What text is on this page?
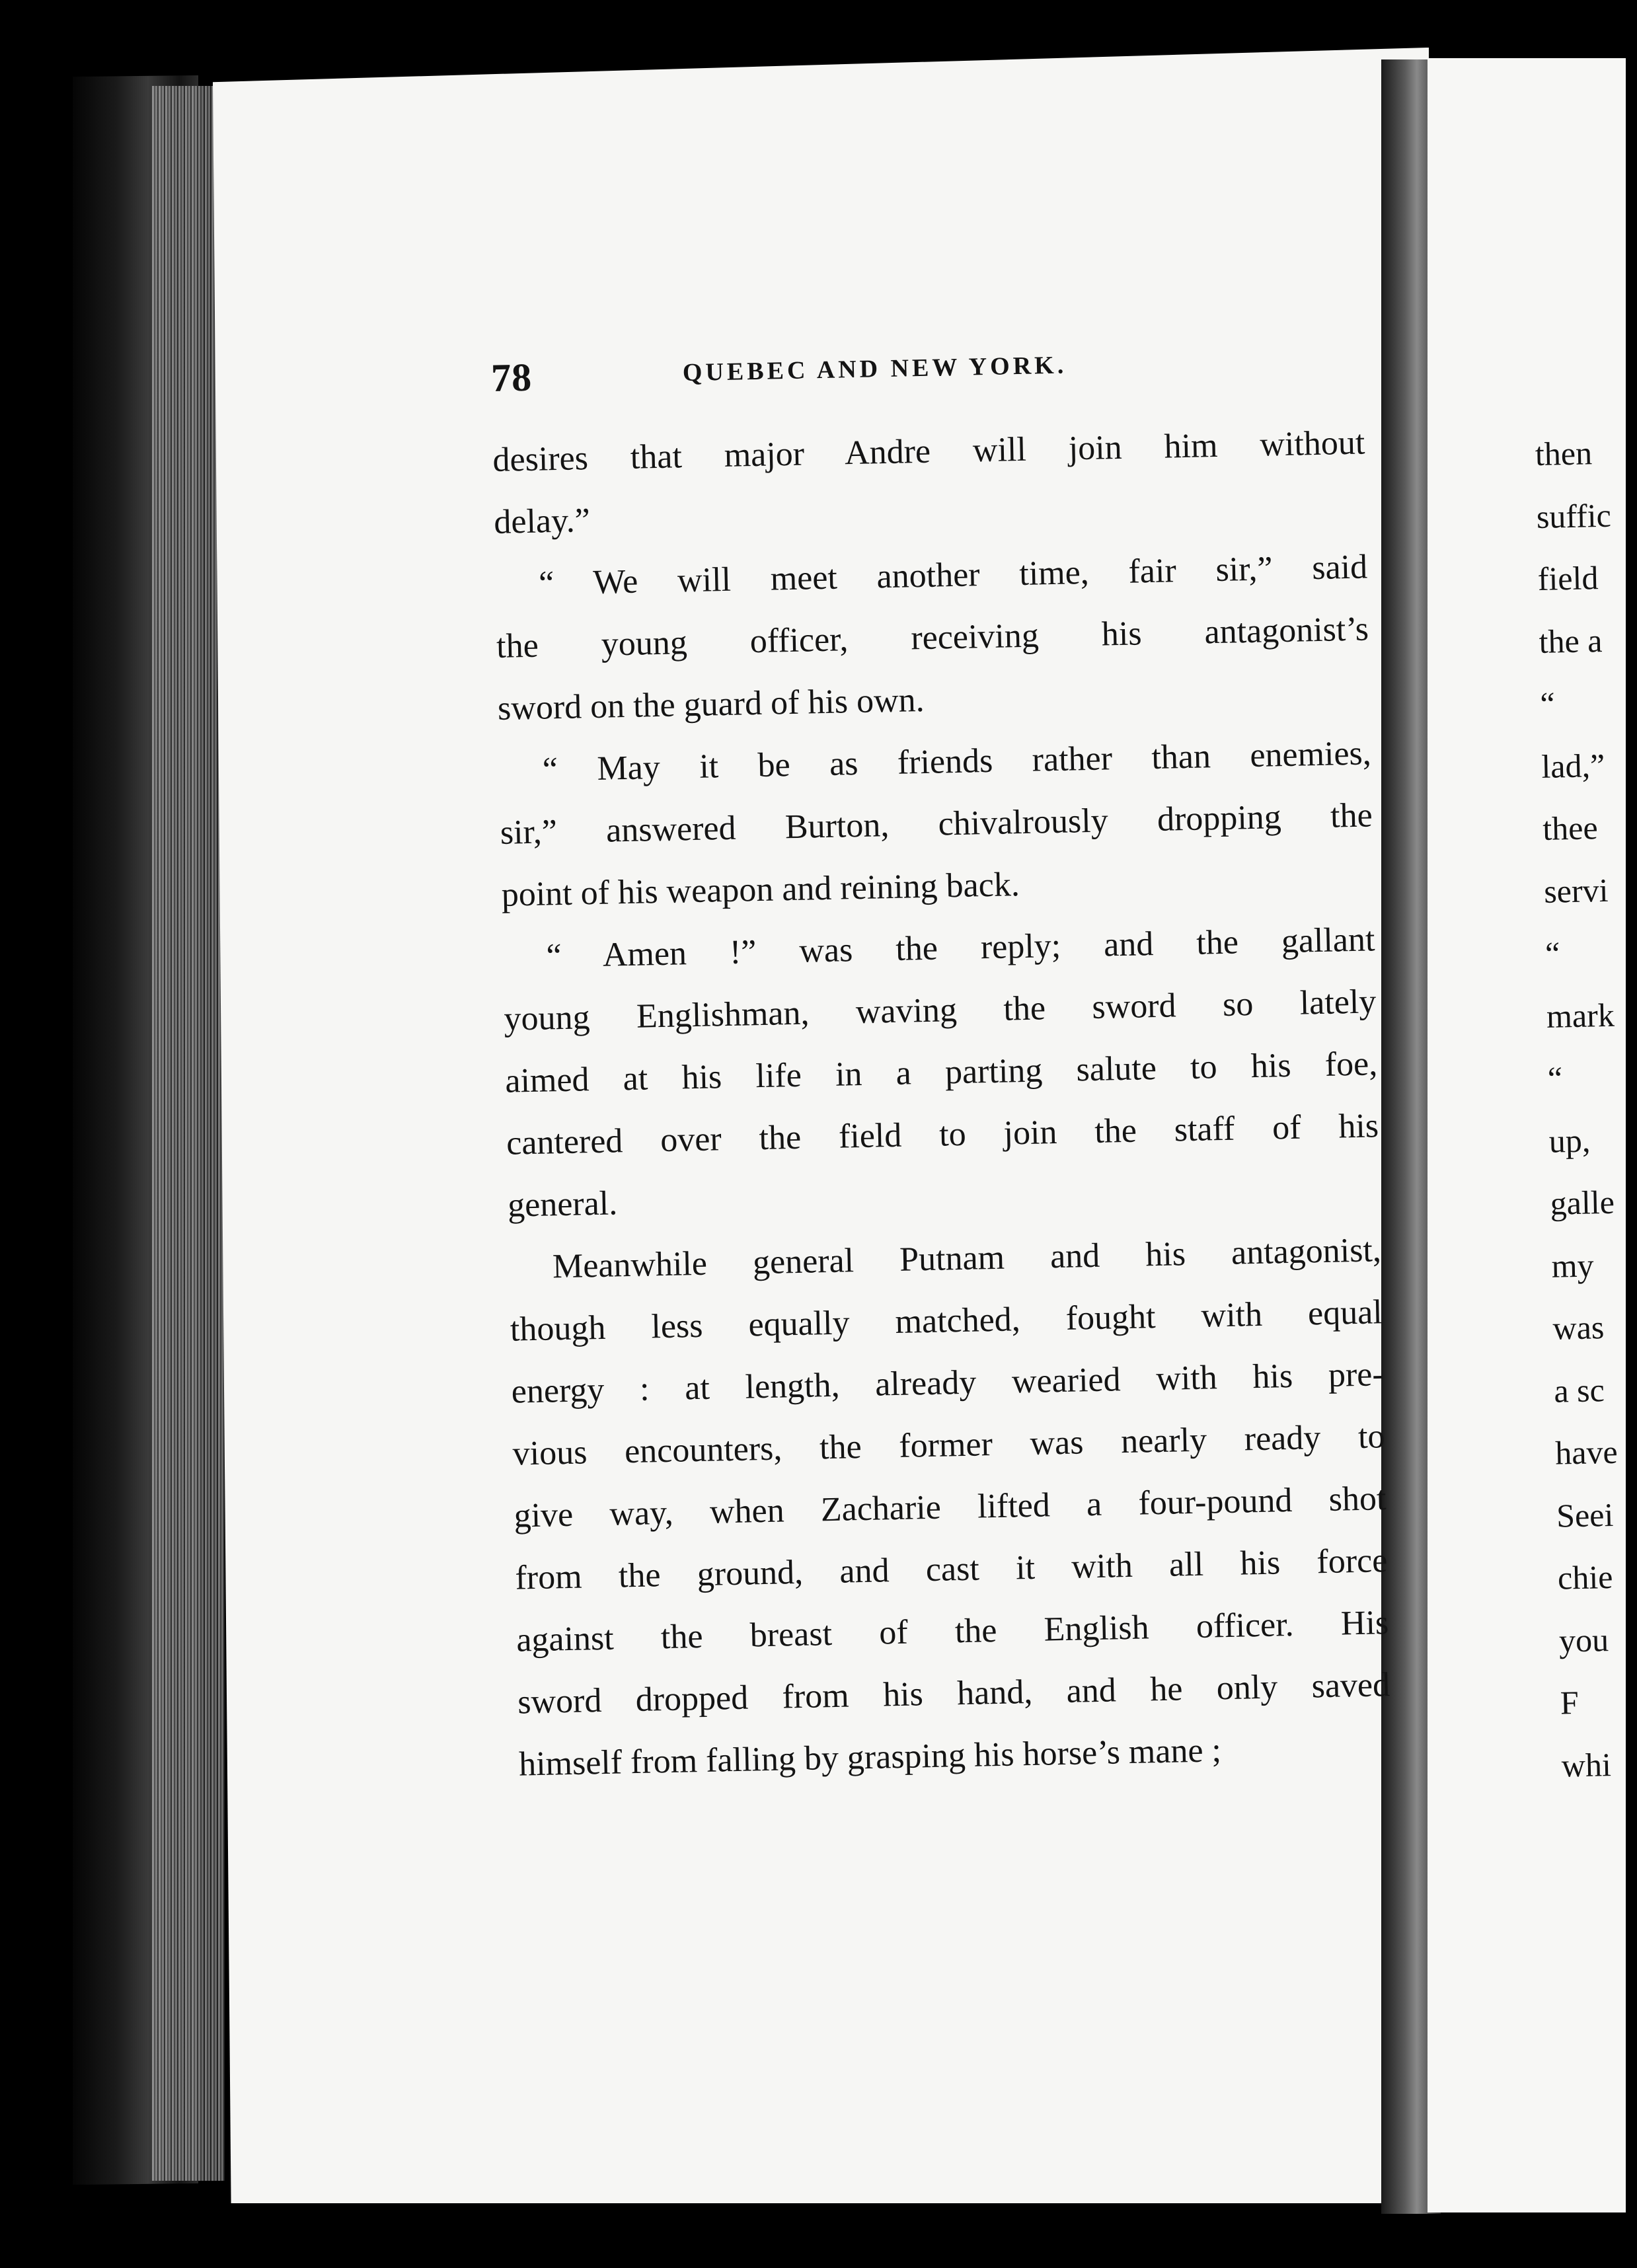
78	QUEBEC AND NEW YORK.

desires that major Andre will join him without

delay.”

“ We will meet another time, fair sir,” said

the young officer, receiving his antagonist’s

sword on the guard of his own.

“ May it be as friends rather than enemies,

sir,” answered Burton, chivalrously dropping the

point of his weapon and reining back.

“ Amen !” was the reply; and the gallant

young Englishman, waving the sword so lately

aimed at his life in a parting salute to his foe,

cantered over the field to join the staff of his

general.

Meanwhile general Putnam and his antagonist,

though less equally matched, fought with equal

energy : at length, already wearied with his pre-

vious encounters, the former was nearly ready to

give way, when Zacharie lifted a four-pound shot

from the ground, and cast it with all his force

against the breast of the English officer. His

sword dropped from his hand, and he only saved

himself from falling by grasping his horse’s mane ;

then
suffic
field
the a
“
lad,”
thee
servi
“
mark
“
up,
galle
my
was
a sc
have
Seei
chie
you
F
whi
